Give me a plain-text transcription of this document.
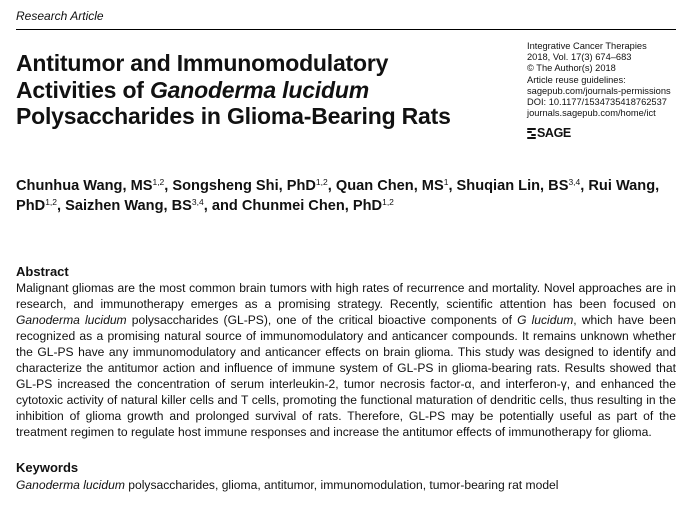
Research Article
Antitumor and Immunomodulatory Activities of Ganoderma lucidum Polysaccharides in Glioma-Bearing Rats
Integrative Cancer Therapies
2018, Vol. 17(3) 674–683
© The Author(s) 2018
Article reuse guidelines:
sagepub.com/journals-permissions
DOI: 10.1177/1534735418762537
journals.sagepub.com/home/ict
SAGE
Chunhua Wang, MS$^{1,2}$, Songsheng Shi, PhD$^{1,2}$, Quan Chen, $MS^1$, Shuqian Lin, BS$^{3,4}$, Rui Wang, PhD$^{1,2}$, Saizhen Wang, BS$^{3,4}$, and Chunmei Chen, PhD$^{1,2}$
Abstract
Malignant gliomas are the most common brain tumors with high rates of recurrence and mortality. Novel approaches are in research, and immunotherapy emerges as a promising strategy. Recently, scientific attention has been focused on Ganoderma lucidum polysaccharides (GL-PS), one of the critical bioactive components of G lucidum, which have been recognized as a promising natural source of immunomodulatory and anticancer compounds. It remains unknown whether the GL-PS have any immunomodulatory and anticancer effects on brain glioma. This study was designed to identify and characterize the antitumor action and influence of immune system of GL-PS in glioma-bearing rats. Results showed that GL-PS increased the concentration of serum interleukin-2, tumor necrosis factor-α, and interferon-γ, and enhanced the cytotoxic activity of natural killer cells and T cells, promoting the functional maturation of dendritic cells, thus resulting in the inhibition of glioma growth and prolonged survival of rats. Therefore, GL-PS may be potentially useful as part of the treatment regimen to regulate host immune responses and increase the antitumor effects of immunotherapy for glioma.
Keywords
Ganoderma lucidum polysaccharides, glioma, antitumor, immunomodulation, tumor-bearing rat model
